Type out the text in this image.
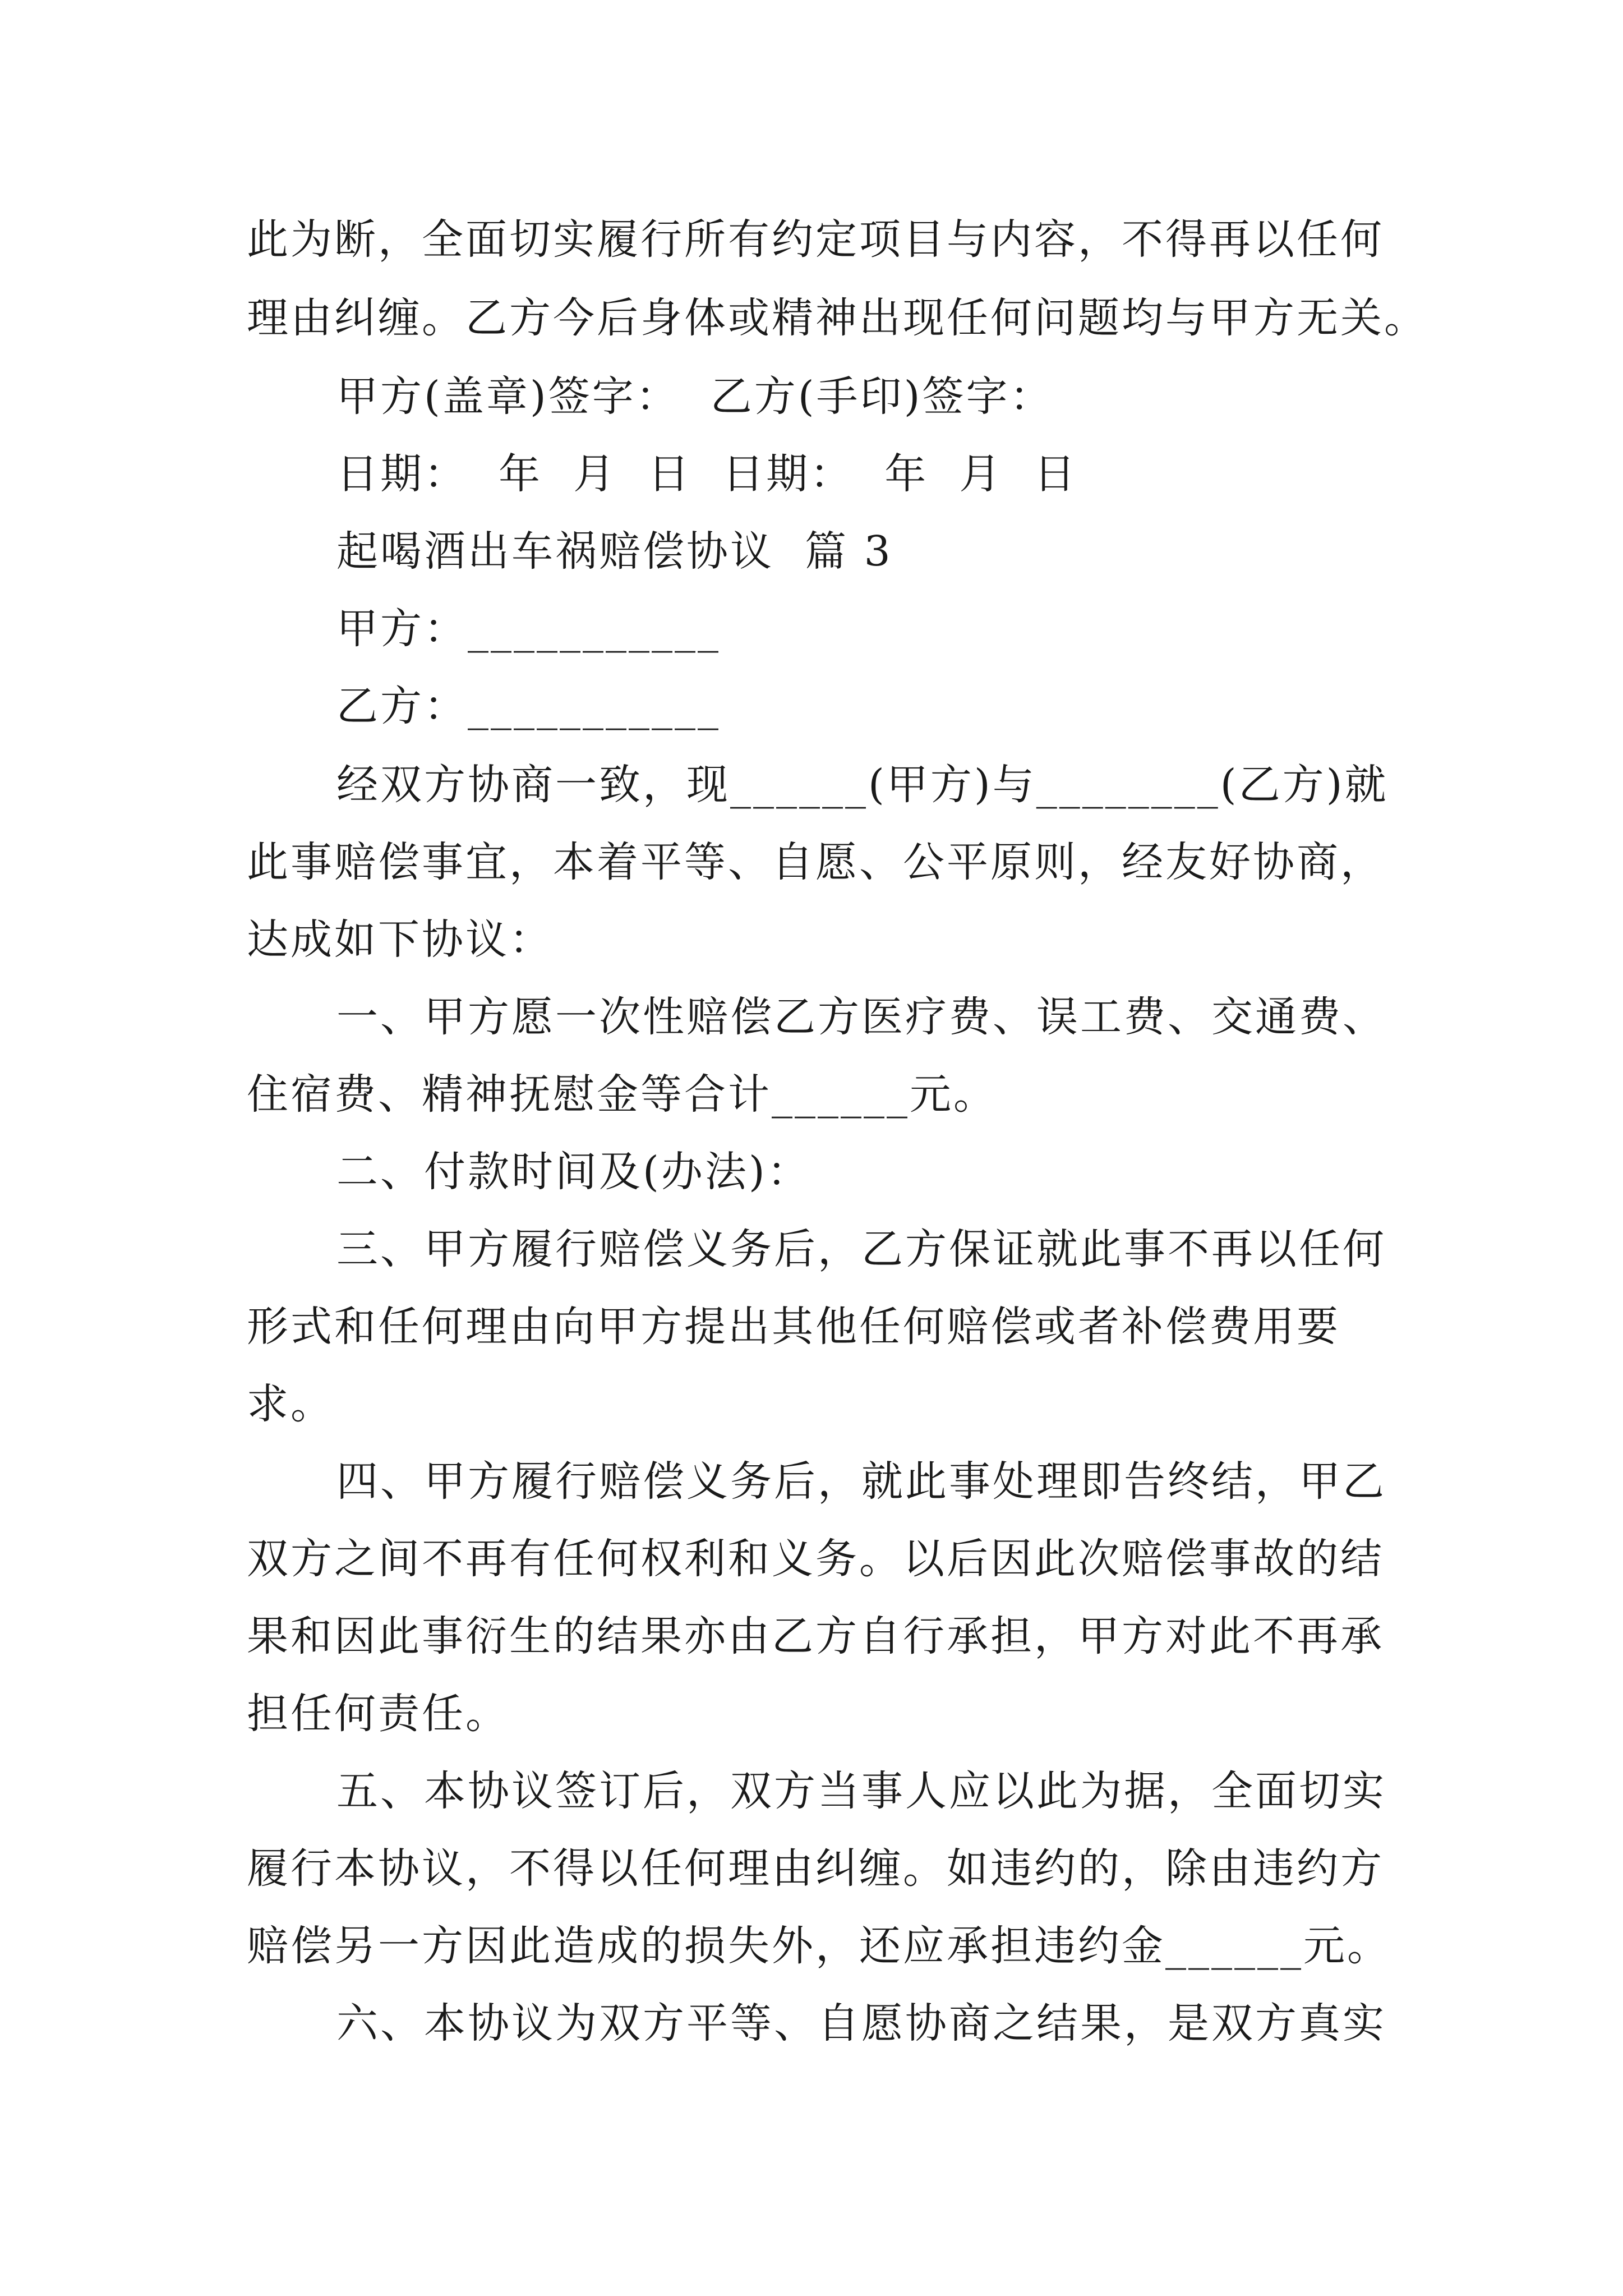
此为断，全面切实履行所有约定项目与内容，不得再以任何
理由纠缠。乙方今后身体或精神出现任何问题均与甲方无关。
甲方(盖章)签字：  乙方(手印)签字：
日期：  年  月  日  日期：  年  月  日
起喝酒出车祸赔偿协议  篇 3
甲方：___________
乙方：___________
经双方协商一致，现______(甲方)与________(乙方)就
此事赔偿事宜，本着平等、自愿、公平原则，经友好协商，
达成如下协议：
一、甲方愿一次性赔偿乙方医疗费、误工费、交通费、
住宿费、精神抚慰金等合计______元。
二、付款时间及(办法)：
三、甲方履行赔偿义务后，乙方保证就此事不再以任何
形式和任何理由向甲方提出其他任何赔偿或者补偿费用要
求。
四、甲方履行赔偿义务后，就此事处理即告终结，甲乙
双方之间不再有任何权利和义务。以后因此次赔偿事故的结
果和因此事衍生的结果亦由乙方自行承担，甲方对此不再承
担任何责任。
五、本协议签订后，双方当事人应以此为据，全面切实
履行本协议，不得以任何理由纠缠。如违约的，除由违约方
赔偿另一方因此造成的损失外，还应承担违约金______元。
六、本协议为双方平等、自愿协商之结果，是双方真实
